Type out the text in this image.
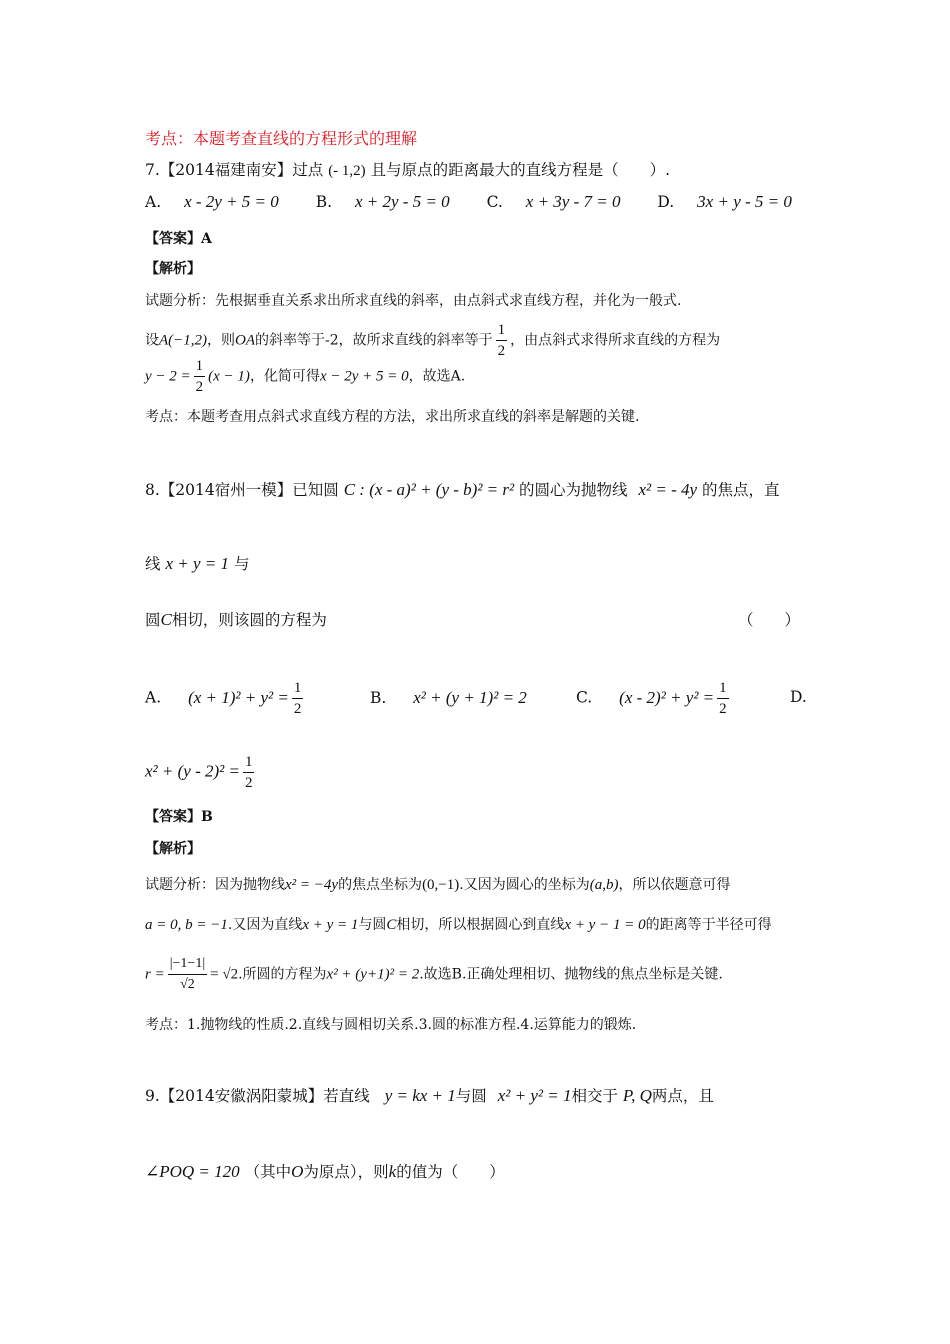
考点：本题考查直线的方程形式的理解
7.【2014福建南安】过点 (- 1,2) 且与原点的距离最大的直线方程是（　　）.
A. x - 2y + 5 = 0 B. x + 2y - 5 = 0 C. x + 3y - 7 = 0 D. 3x + y - 5 = 0
【答案】A
【解析】
试题分析：先根据垂直关系求出所求直线的斜率，由点斜式求直线方程，并化为一般式.
设A(−1,2)，则OA的斜率等于-2，故所求直线的斜率等于 $\frac{1}{2}$ ，由点斜式求得所求直线的方程为
$y - 2 = \frac{1}{2} (x - 1)$，化简可得x − 2y + 5 = 0，故选A.
考点：本题考查用点斜式求直线方程的方法，求出所求直线的斜率是解题的关键.
8.【2014宿州一模】已知圆 C : (x - a)² + (y - b)² = r² 的圆心为抛物线 x² = - 4y 的焦点，直
线 x + y = 1 与
圆C相切，则该圆的方程为	（　　）
A. $(x + 1)^2 + y^2 = \frac{1}{2}$	B. x² + (y + 1)² = 2	C. $(x - 2)^2 + y^2 = \frac{1}{2}$	D.
$x^2 + (y - 2)^2 = \frac{1}{2}$
【答案】B
【解析】
试题分析：因为抛物线x² = −4y的焦点坐标为(0,−1).又因为圆心的坐标为(a,b)，所以依题意可得
a = 0, b = −1.又因为直线x + y = 1与圆C相切，所以根据圆心到直线x + y − 1 = 0的距离等于半径可得
$r = \frac{|-1-1|}{√2} = √2$.所圆的方程为x² + (y+1)² = 2.故选B.正确处理相切、抛物线的焦点坐标是关键.
考点：1.抛物线的性质.2.直线与圆相切关系.3.圆的标准方程.4.运算能力的锻炼.
9.【2014安徽涡阳蒙城】若直线 y = kx + 1与圆 x² + y² = 1相交于 P, Q两点，且
∠POQ = 120 （其中O为原点），则k的值为（　　）
